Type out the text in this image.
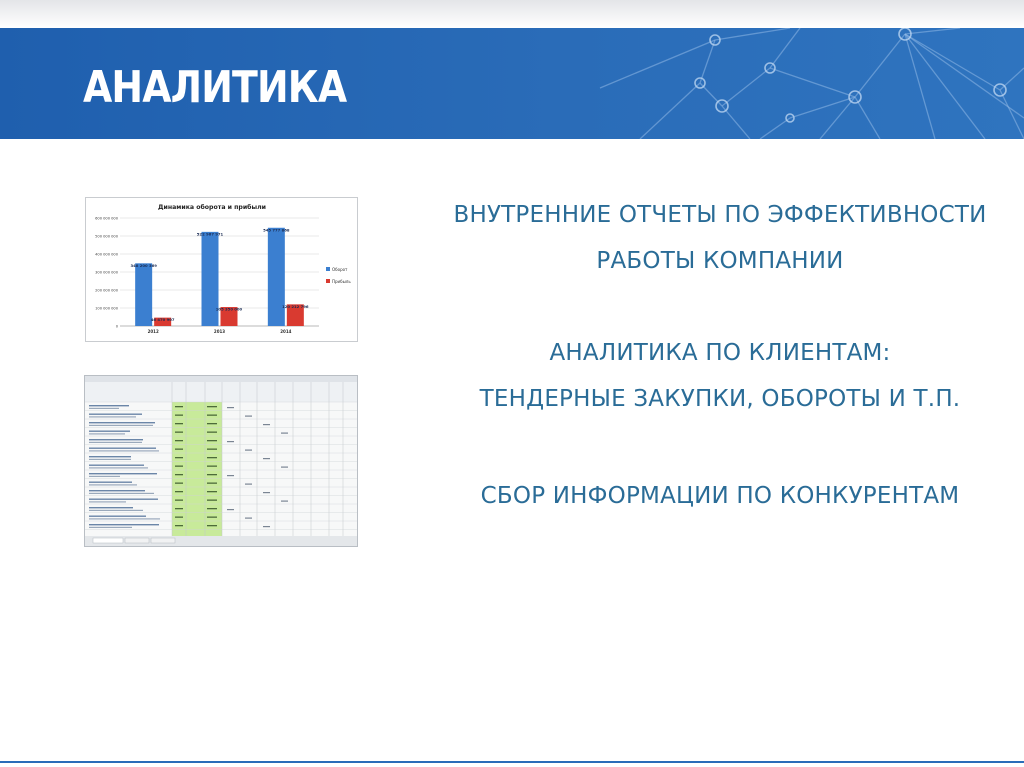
АНАЛИТИКА
Динамика оборота и прибыли
0
100 000 000
200 000 000
300 000 000
400 000 000
500 000 000
600 000 000
348 200 369
46 470 907
2012
522 967 971
105 350 000
2013
545 777 868
120 212 796
2014
Оборот
Прибыль
ВНУТРЕННИЕ ОТЧЕТЫ ПО ЭФФЕКТИВНОСТИ
РАБОТЫ КОМПАНИИ
АНАЛИТИКА ПО КЛИЕНТАМ:
ТЕНДЕРНЫЕ ЗАКУПКИ, ОБОРОТЫ И Т.П.
СБОР ИНФОРМАЦИИ ПО КОНКУРЕНТАМ
